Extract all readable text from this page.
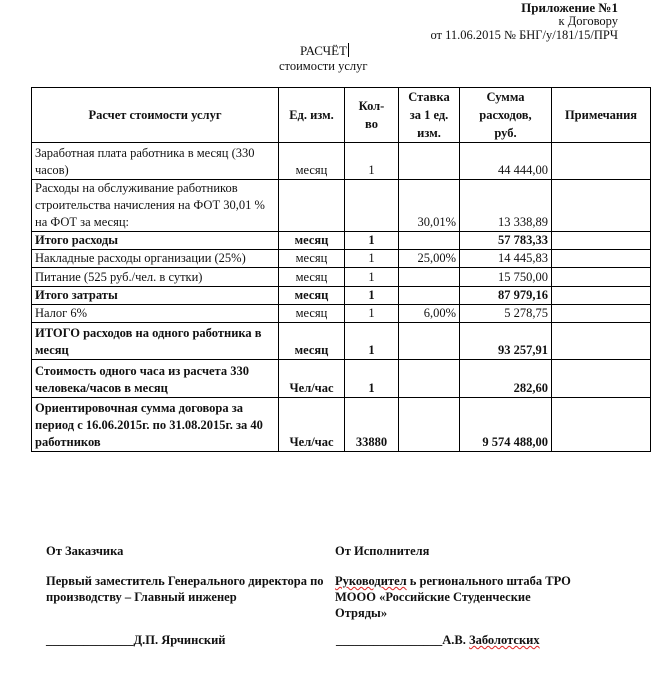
Приложение №1
к Договору
от 11.06.2015 № БНГ/у/181/15/ПРЧ
РАСЧЁТ
стоимости услуг
Расчет стоимости услуг	Ед. изм.	Кол-во	Ставка за 1 ед. изм.	Сумма расходов, руб.	Примечания
Заработная плата работника в месяц (330 часов)	месяц	1		44 444,00	
Расходы на обслуживание работников строительства начисления на ФОТ 30,01 % на ФОТ за месяц:			30,01%	13 338,89	
Итого расходы	месяц	1		57 783,33	
Накладные расходы организации (25%)	месяц	1	25,00%	14 445,83	
Питание (525 руб./чел. в сутки)	месяц	1		15 750,00	
Итого затраты	месяц	1		87 979,16	
Налог 6%	месяц	1	6,00%	5 278,75	
ИТОГО расходов на одного работника в месяц	месяц	1		93 257,91	
Стоимость одного часа из расчета 330 человека/часов в месяц	Чел/час	1		282,60	
Ориентировочная сумма договора за период с 16.06.2015г. по 31.08.2015г. за 40 работников	Чел/час	33880		9 574 488,00	
От Заказчика
Первый заместитель Генерального директора по производству – Главный инженер
______________Д.П. Ярчинский
От Исполнителя
Руководител ь регионального штаба ТРО МООО «Российские Студенческие Отряды»
_________________А.В. Заболотских
